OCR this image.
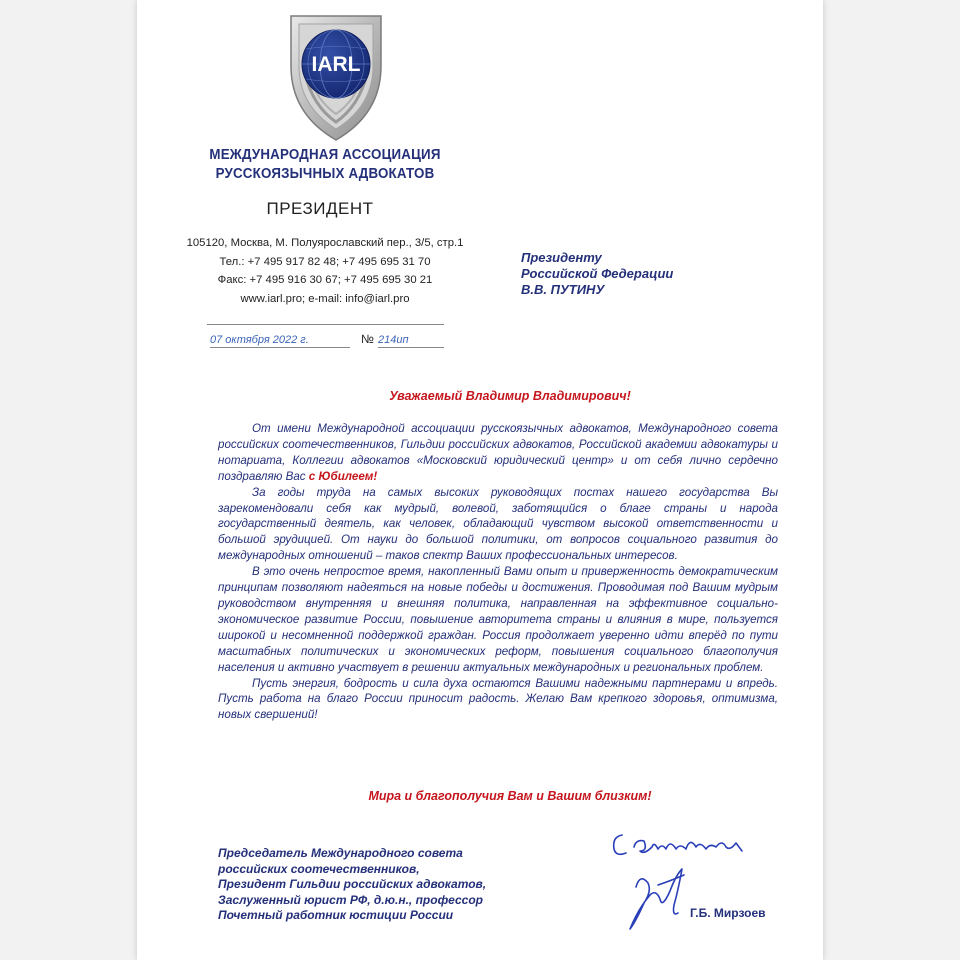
IARL
МЕЖДУНАРОДНАЯ АССОЦИАЦИЯ
РУССКОЯЗЫЧНЫХ АДВОКАТОВ
ПРЕЗИДЕНТ
105120, Москва, М. Полуярославский пер., 3/5, стр.1
Тел.: +7 495 917 82 48; +7 495 695 31 70
Факс: +7 495 916 30 67; +7 495 695 30 21
www.iarl.pro; e-mail: info@iarl.pro
07 октября 2022 г.	№ 214ип
Президенту
Российской Федерации
В.В. ПУТИНУ
Уважаемый Владимир Владимирович!

От имени Международной ассоциации русскоязычных адвокатов, Международного совета российских соотечественников, Гильдии российских адвокатов, Российской академии адвокатуры и нотариата, Коллегии адвокатов «Московский юридический центр» и от себя лично сердечно поздравляю Вас с Юбилеем!

За годы труда на самых высоких руководящих постах нашего государства Вы зарекомендовали себя как мудрый, волевой, заботящийся о благе страны и народа государственный деятель, как человек, обладающий чувством высокой ответственности и большой эрудицией. От науки до большой политики, от вопросов социального развития до международных отношений – таков спектр Ваших профессиональных интересов.

В это очень непростое время, накопленный Вами опыт и приверженность демократическим принципам позволяют надеяться на новые победы и достижения. Проводимая под Вашим мудрым руководством внутренняя и внешняя политика, направленная на эффективное социально-экономическое развитие России, повышение авторитета страны и влияния в мире, пользуется широкой и несомненной поддержкой граждан. Россия продолжает уверенно идти вперёд по пути масштабных политических и экономических реформ, повышения социального благополучия населения и активно участвует в решении актуальных международных и региональных проблем.

Пусть энергия, бодрость и сила духа остаются Вашими надежными партнерами и впредь. Пусть работа на благо России приносит радость. Желаю Вам крепкого здоровья, оптимизма, новых свершений!

Мира и благополучия Вам и Вашим близким!
Председатель Международного совета
российских соотечественников,
Президент Гильдии российских адвокатов,
Заслуженный юрист РФ, д.ю.н., профессор
Почетный работник юстиции России	Г.Б. Мирзоев
